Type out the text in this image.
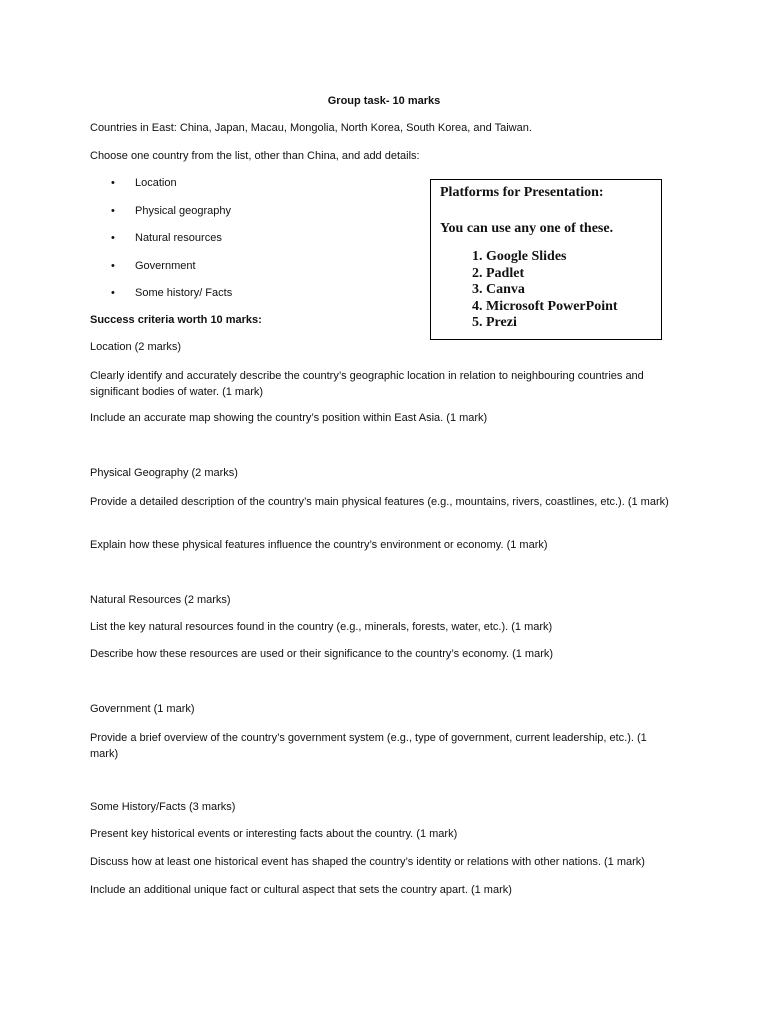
Group task- 10 marks
Countries in East: China, Japan, Macau, Mongolia, North Korea, South Korea, and Taiwan.
Choose one country from the list, other than China, and add details:
• Location
• Physical geography
• Natural resources
• Government
• Some history/ Facts
Platforms for Presentation:
You can use any one of these.
1. Google Slides
2. Padlet
3. Canva
4. Microsoft PowerPoint
5. Prezi
Success criteria worth 10 marks:
Location (2 marks)
Clearly identify and accurately describe the country’s geographic location in relation to neighbouring countries and significant bodies of water. (1 mark)
Include an accurate map showing the country’s position within East Asia. (1 mark)
Physical Geography (2 marks)
Provide a detailed description of the country’s main physical features (e.g., mountains, rivers, coastlines, etc.). (1 mark)
Explain how these physical features influence the country’s environment or economy. (1 mark)
Natural Resources (2 marks)
List the key natural resources found in the country (e.g., minerals, forests, water, etc.). (1 mark)
Describe how these resources are used or their significance to the country’s economy. (1 mark)
Government (1 mark)
Provide a brief overview of the country’s government system (e.g., type of government, current leadership, etc.). (1 mark)
Some History/Facts (3 marks)
Present key historical events or interesting facts about the country. (1 mark)
Discuss how at least one historical event has shaped the country’s identity or relations with other nations. (1 mark)
Include an additional unique fact or cultural aspect that sets the country apart. (1 mark)
